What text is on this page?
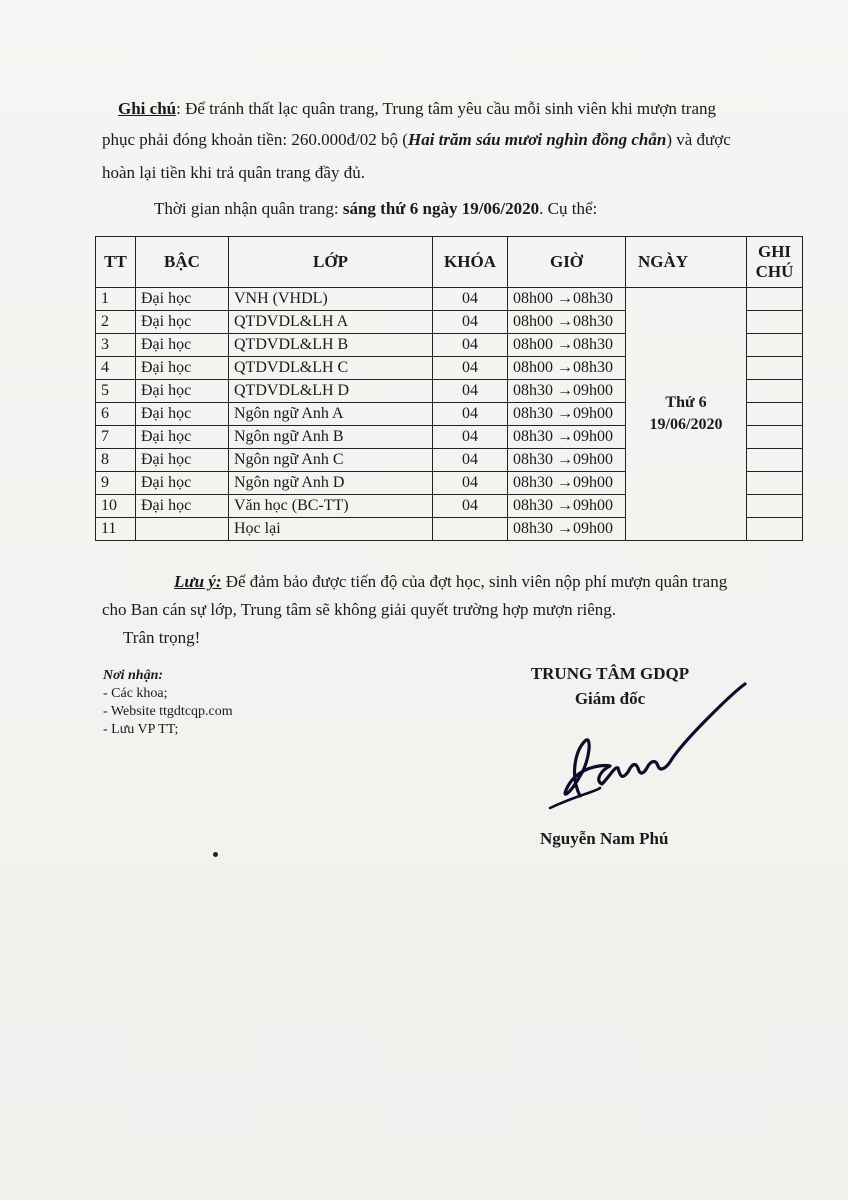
Ghi chú: Để tránh thất lạc quân trang, Trung tâm yêu cầu mỗi sinh viên khi mượn trang
phục phải đóng khoản tiền: 260.000đ/02 bộ (Hai trăm sáu mươi nghìn đồng chẵn) và được
hoàn lại tiền khi trả quân trang đầy đủ.
Thời gian nhận quân trang: sáng thứ 6 ngày 19/06/2020. Cụ thể:
TT	BẬC	LỚP	KHÓA	GIỜ	NGÀY	GHI
CHÚ
1	Đại học	VNH (VHDL)	04	08h00 →08h30	Thứ 6
19/06/2020	
2	Đại học	QTDVDL&LH A	04	08h00 →08h30		
3	Đại học	QTDVDL&LH B	04	08h00 →08h30		
4	Đại học	QTDVDL&LH C	04	08h00 →08h30		
5	Đại học	QTDVDL&LH D	04	08h30 →09h00		
6	Đại học	Ngôn ngữ Anh A	04	08h30 →09h00		
7	Đại học	Ngôn ngữ Anh B	04	08h30 →09h00		
8	Đại học	Ngôn ngữ Anh C	04	08h30 →09h00		
9	Đại học	Ngôn ngữ Anh D	04	08h30 →09h00		
10	Đại học	Văn học (BC-TT)	04	08h30 →09h00		
11		Học lại		08h30 →09h00		
Lưu ý: Để đảm bảo được tiến độ của đợt học, sinh viên nộp phí mượn quân trang
cho Ban cán sự lớp, Trung tâm sẽ không giải quyết trường hợp mượn riêng.
Trân trọng!
Nơi nhận:
- Các khoa;
- Website ttgdtcqp.com
- Lưu VP TT;
TRUNG TÂM GDQP
Giám đốc
Nguyễn Nam Phú
